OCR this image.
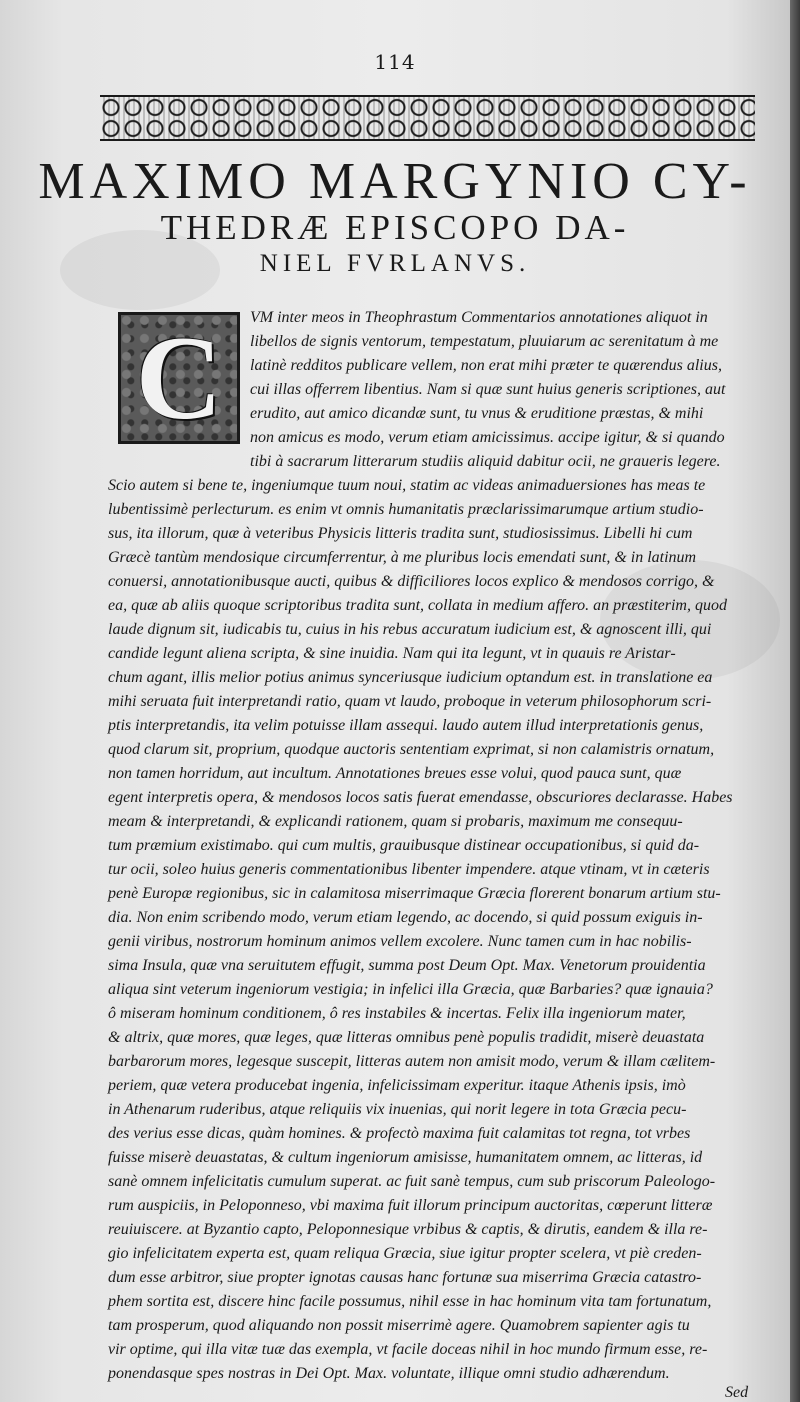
114
MAXIMO MARGYNIO CY-
THEDRÆ EPISCOPO DA-
NIEL FVRLANVS.
C	VM inter meos in Theophrastum Commentarios annotationes aliquot in
libellos de signis ventorum, tempestatum, pluuiarum ac serenitatum à me
latinè redditos publicare vellem, non erat mihi præter te quærendus alius,
cui illas offerrem libentius. Nam si quæ sunt huius generis scriptiones, aut
erudito, aut amico dicandæ sunt, tu vnus & eruditione præstas, & mihi
non amicus es modo, verum etiam amicissimus. accipe igitur, & si quando
tibi à sacrarum litterarum studiis aliquid dabitur ocii, ne graueris legere.
Scio autem si bene te, ingeniumque tuum noui, statim ac videas animaduersiones has meas te
lubentissimè perlecturum. es enim vt omnis humanitatis præclarissimarumque artium studio-
sus, ita illorum, quæ à veteribus Physicis litteris tradita sunt, studiosissimus. Libelli hi cum
Græcè tantùm mendosique circumferrentur, à me pluribus locis emendati sunt, & in latinum
conuersi, annotationibusque aucti, quibus & difficiliores locos explico & mendosos corrigo, &
ea, quæ ab aliis quoque scriptoribus tradita sunt, collata in medium affero. an præstiterim, quod
laude dignum sit, iudicabis tu, cuius in his rebus accuratum iudicium est, & agnoscent illi, qui
candide legunt aliena scripta, & sine inuidia. Nam qui ita legunt, vt in quauis re Aristar-
chum agant, illis melior potius animus synceriusque iudicium optandum est. in translatione ea
mihi seruata fuit interpretandi ratio, quam vt laudo, proboque in veterum philosophorum scri-
ptis interpretandis, ita velim potuisse illam assequi. laudo autem illud interpretationis genus,
quod clarum sit, proprium, quodque auctoris sententiam exprimat, si non calamistris ornatum,
non tamen horridum, aut incultum. Annotationes breues esse volui, quod pauca sunt, quæ
egent interpretis opera, & mendosos locos satis fuerat emendasse, obscuriores declarasse. Habes
meam & interpretandi, & explicandi rationem, quam si probaris, maximum me consequu-
tum præmium existimabo. qui cum multis, grauibusque distinear occupationibus, si quid da-
tur ocii, soleo huius generis commentationibus libenter impendere. atque vtinam, vt in cæteris
penè Europæ regionibus, sic in calamitosa miserrimaque Græcia florerent bonarum artium stu-
dia. Non enim scribendo modo, verum etiam legendo, ac docendo, si quid possum exiguis in-
genii viribus, nostrorum hominum animos vellem excolere. Nunc tamen cum in hac nobilis-
sima Insula, quæ vna seruitutem effugit, summa post Deum Opt. Max. Venetorum prouidentia
aliqua sint veterum ingeniorum vestigia; in infelici illa Græcia, quæ Barbaries? quæ ignauia?
ô miseram hominum conditionem, ô res instabiles & incertas. Felix illa ingeniorum mater,
& altrix, quæ mores, quæ leges, quæ litteras omnibus penè populis tradidit, miserè deuastata
barbarorum mores, legesque suscepit, litteras autem non amisit modo, verum & illam cælitem-
periem, quæ vetera producebat ingenia, infelicissimam experitur. itaque Athenis ipsis, imò
in Athenarum ruderibus, atque reliquiis vix inuenias, qui norit legere in tota Græcia pecu-
des verius esse dicas, quàm homines. & profectò maxima fuit calamitas tot regna, tot vrbes
fuisse miserè deuastatas, & cultum ingeniorum amisisse, humanitatem omnem, ac litteras, id
sanè omnem infelicitatis cumulum superat. ac fuit sanè tempus, cum sub priscorum Paleologo-
rum auspiciis, in Peloponneso, vbi maxima fuit illorum principum auctoritas, cœperunt litteræ
reuiuiscere. at Byzantio capto, Peloponnesique vrbibus & captis, & dirutis, eandem & illa re-
gio infelicitatem experta est, quam reliqua Græcia, siue igitur propter scelera, vt piè creden-
dum esse arbitror, siue propter ignotas causas hanc fortunæ sua miserrima Græcia catastro-
phem sortita est, discere hinc facile possumus, nihil esse in hac hominum vita tam fortunatum,
tam prosperum, quod aliquando non possit miserrimè agere. Quamobrem sapienter agis tu
vir optime, qui illa vitæ tuæ das exempla, vt facile doceas nihil in hoc mundo firmum esse, re-
ponendasque spes nostras in Dei Opt. Max. voluntate, illique omni studio adhærendum.
Sed
